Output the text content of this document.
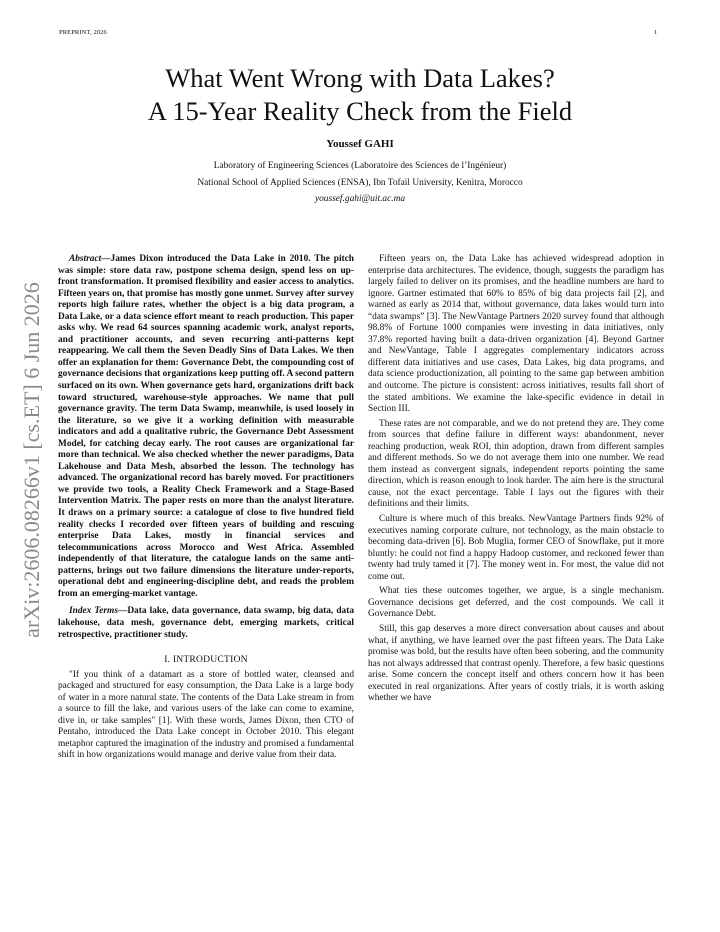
PREPRINT, 2026	1
What Went Wrong with Data Lakes?
A 15-Year Reality Check from the Field
Youssef GAHI
Laboratory of Engineering Sciences (Laboratoire des Sciences de l’Ingénieur)
National School of Applied Sciences (ENSA), Ibn Tofail University, Kenitra, Morocco
youssef.gahi@uit.ac.ma
arXiv:2606.08266v1 [cs.ET] 6 Jun 2026

Abstract—James Dixon introduced the Data Lake in 2010. The pitch was simple: store data raw, postpone schema design, spend less on up-front transformation. It promised flexibility and easier access to analytics. Fifteen years on, that promise has mostly gone unmet. Survey after survey reports high failure rates, whether the object is a big data program, a Data Lake, or a data science effort meant to reach production. This paper asks why. We read 64 sources spanning academic work, analyst reports, and practitioner accounts, and seven recurring anti-patterns kept reappearing. We call them the Seven Deadly Sins of Data Lakes. We then offer an explanation for them: Governance Debt, the compounding cost of governance decisions that organizations keep putting off. A second pattern surfaced on its own. When governance gets hard, organizations drift back toward structured, warehouse-style approaches. We name that pull governance gravity. The term Data Swamp, meanwhile, is used loosely in the literature, so we give it a working definition with measurable indicators and add a qualitative rubric, the Governance Debt Assessment Model, for catching decay early. The root causes are organizational far more than technical. We also checked whether the newer paradigms, Data Lakehouse and Data Mesh, absorbed the lesson. The technology has advanced. The organizational record has barely moved. For practitioners we provide two tools, a Reality Check Framework and a Stage-Based Intervention Matrix. The paper rests on more than the analyst literature. It draws on a primary source: a catalogue of close to five hundred field reality checks I recorded over fifteen years of building and rescuing enterprise Data Lakes, mostly in financial services and telecommunications across Morocco and West Africa. Assembled independently of that literature, the catalogue lands on the same anti-patterns, brings out two failure dimensions the literature under-reports, operational debt and engineering-discipline debt, and reads the problem from an emerging-market vantage.

Index Terms—Data lake, data governance, data swamp, big data, data lakehouse, data mesh, governance debt, emerging markets, critical retrospective, practitioner study.

I. INTRODUCTION

"If you think of a datamart as a store of bottled water, cleansed and packaged and structured for easy consumption, the Data Lake is a large body of water in a more natural state. The contents of the Data Lake stream in from a source to fill the lake, and various users of the lake can come to examine, dive in, or take samples" [1]. With these words, James Dixon, then CTO of Pentaho, introduced the Data Lake concept in October 2010. This elegant metaphor captured the imagination of the industry and promised a fundamental shift in how organizations would manage and derive value from their data.

Fifteen years on, the Data Lake has achieved widespread adoption in enterprise data architectures. The evidence, though, suggests the paradigm has largely failed to deliver on its promises, and the headline numbers are hard to ignore. Gartner estimated that 60% to 85% of big data projects fail [2], and warned as early as 2014 that, without governance, data lakes would turn into “data swamps” [3]. The NewVantage Partners 2020 survey found that although 98.8% of Fortune 1000 companies were investing in data initiatives, only 37.8% reported having built a data-driven organization [4]. Beyond Gartner and NewVantage, Table I aggregates complementary indicators across different data initiatives and use cases, Data Lakes, big data programs, and data science productionization, all pointing to the same gap between ambition and outcome. The picture is consistent: across initiatives, results fall short of the stated ambitions. We examine the lake-specific evidence in detail in Section III.

These rates are not comparable, and we do not pretend they are. They come from sources that define failure in different ways: abandonment, never reaching production, weak ROI, thin adoption, drawn from different samples and different methods. So we do not average them into one number. We read them instead as convergent signals, independent reports pointing the same direction, which is reason enough to look harder. The aim here is the structural cause, not the exact percentage. Table I lays out the figures with their definitions and their limits.

Culture is where much of this breaks. NewVantage Partners finds 92% of executives naming corporate culture, not technology, as the main obstacle to becoming data-driven [6]. Bob Muglia, former CEO of Snowflake, put it more bluntly: he could not find a happy Hadoop customer, and reckoned fewer than twenty had truly tamed it [7]. The money went in. For most, the value did not come out.

What ties these outcomes together, we argue, is a single mechanism. Governance decisions get deferred, and the cost compounds. We call it Governance Debt.

Still, this gap deserves a more direct conversation about causes and about what, if anything, we have learned over the past fifteen years. The Data Lake promise was bold, but the results have often been sobering, and the community has not always addressed that contrast openly. Therefore, a few basic questions arise. Some concern the concept itself and others concern how it has been executed in real organizations. After years of costly trials, it is worth asking whether we have
